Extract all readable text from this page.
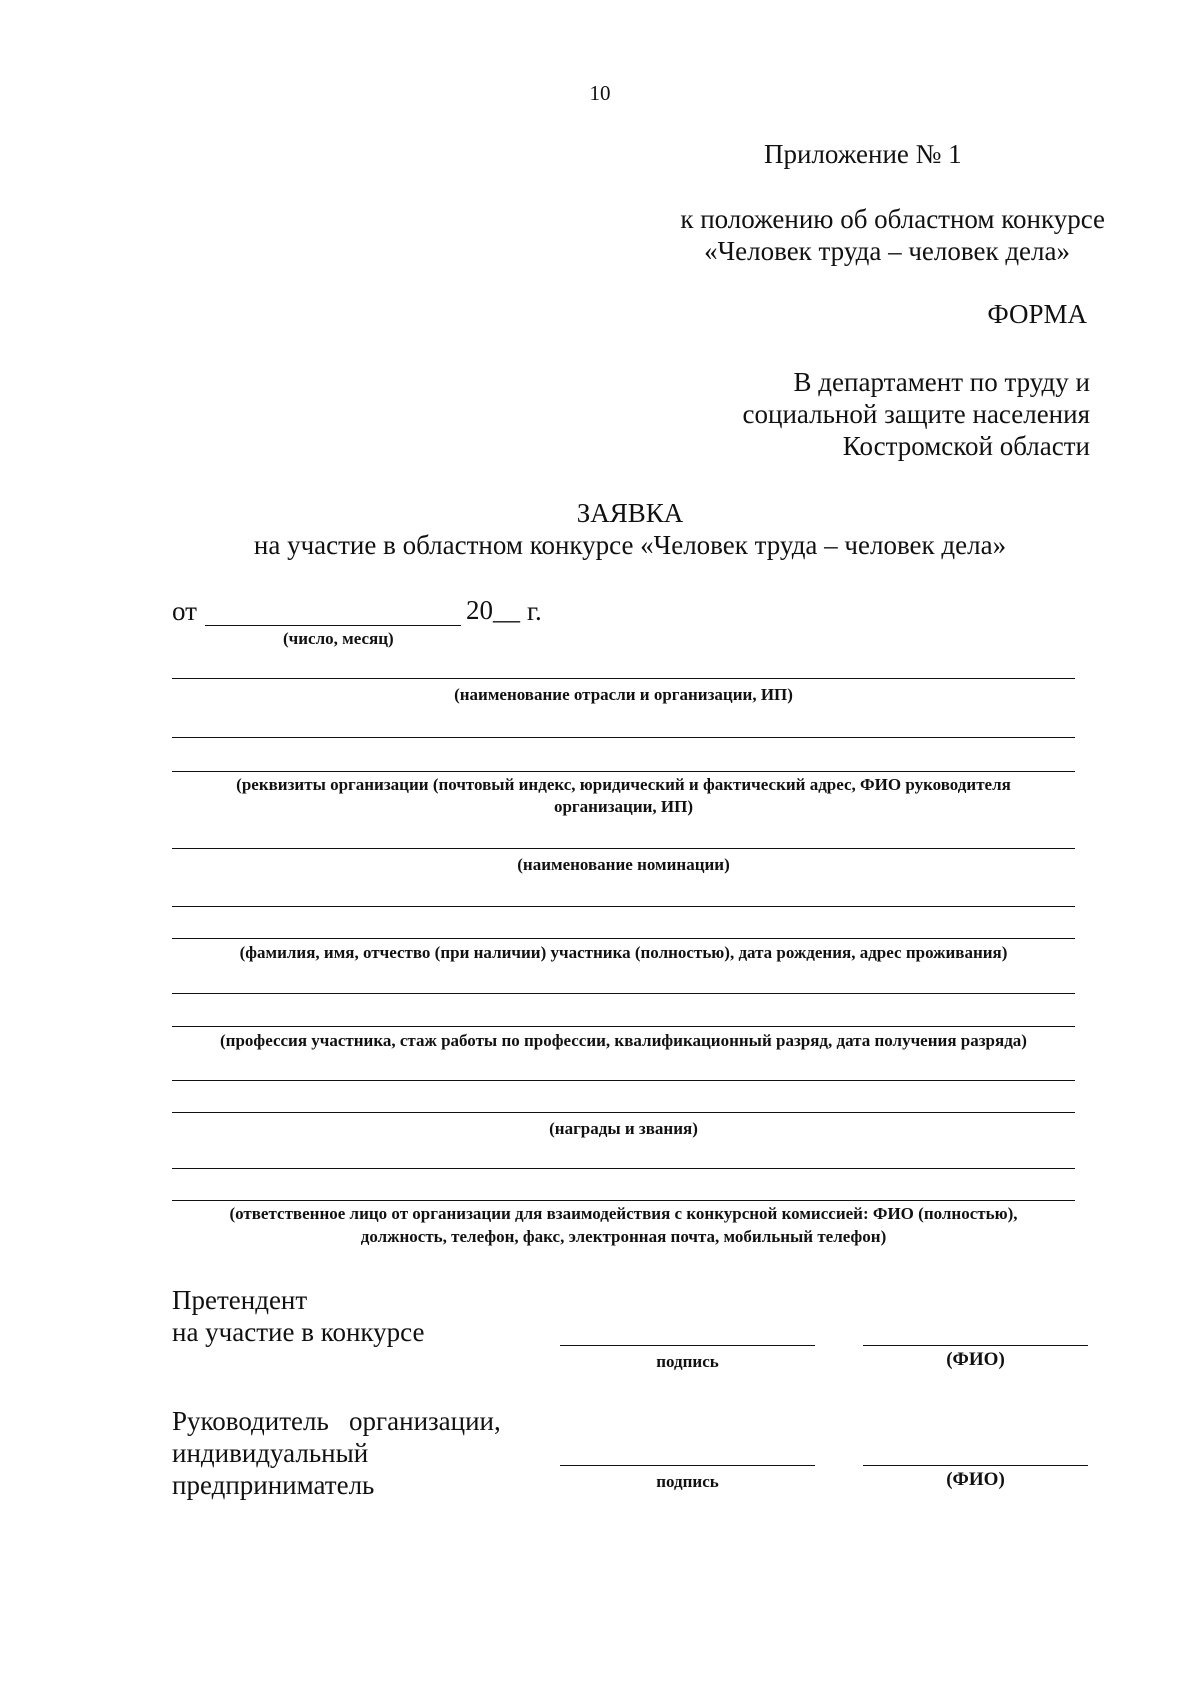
10
Приложение № 1
к положению об областном конкурсе
«Человек труда – человек дела»
ФОРМА
В департамент по труду и
социальной защите населения
Костромской области
ЗАЯВКА
на участие в областном конкурсе «Человек труда – человек дела»
от	20__ г.
(число, месяц)
(наименование отрасли и организации, ИП)
(реквизиты организации (почтовый индекс, юридический и фактический адрес, ФИО руководителя
организации, ИП)
(наименование номинации)
(фамилия, имя, отчество (при наличии) участника (полностью), дата рождения, адрес проживания)
(профессия участника, стаж работы по профессии, квалификационный разряд, дата получения разряда)
(награды и звания)
(ответственное лицо от организации для взаимодействия с конкурсной комиссией: ФИО (полностью),
должность, телефон, факс, электронная почта, мобильный телефон)
Претендент
на участие в конкурсе
подпись	(ФИО)
Руководитель   организации,
индивидуальный
предприниматель	подпись	(ФИО)
